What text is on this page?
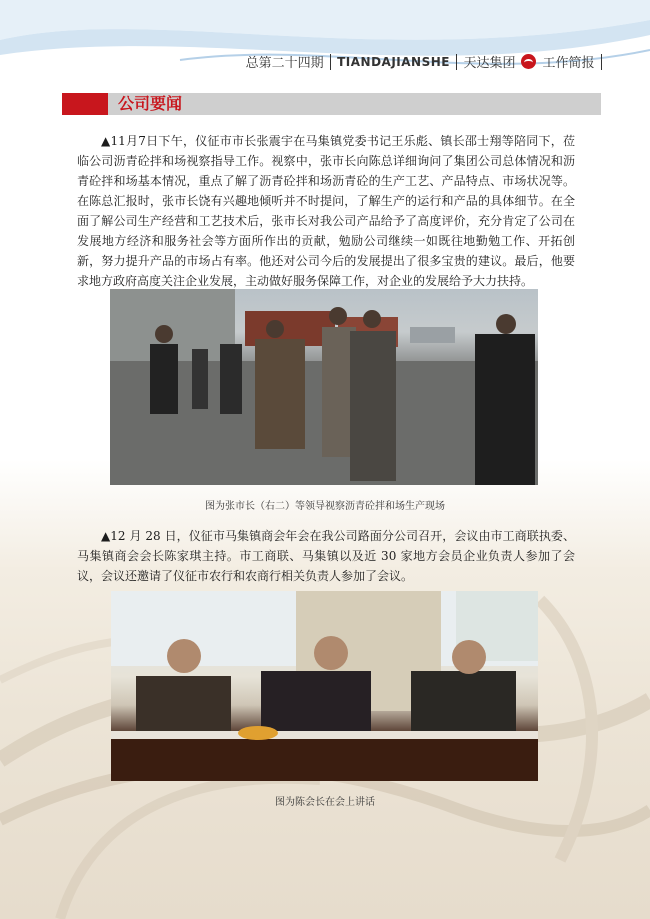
总第二十四期 TIANDAJIANSHE 天达集团 工作简报
公司要闻

▲11月7日下午，仪征市市长张震宇在马集镇党委书记王乐彪、镇长邵士翔等陪同下，莅临公司沥青砼拌和场视察指导工作。视察中，张市长向陈总详细询问了集团公司总体情况和沥青砼拌和场基本情况，重点了解了沥青砼拌和场沥青砼的生产工艺、产品特点、市场状况等。在陈总汇报时，张市长饶有兴趣地倾听并不时提问，了解生产的运行和产品的具体细节。在全面了解公司生产经营和工艺技术后，张市长对我公司产品给予了高度评价，充分肯定了公司在发展地方经济和服务社会等方面所作出的贡献，勉励公司继续一如既往地勤勉工作、开拓创新，努力提升产品的市场占有率。他还对公司今后的发展提出了很多宝贵的建议。最后，他要求地方政府高度关注企业发展，主动做好服务保障工作，对企业的发展给予大力扶持。

图为张市长（右二）等领导视察沥青砼拌和场生产现场

▲12 月 28 日，仪征市马集镇商会年会在我公司路面分公司召开，会议由市工商联执委、马集镇商会会长陈家琪主持。市工商联、马集镇以及近 30 家地方会员企业负责人参加了会议，会议还邀请了仪征市农行和农商行相关负责人参加了会议。

图为陈会长在会上讲话
